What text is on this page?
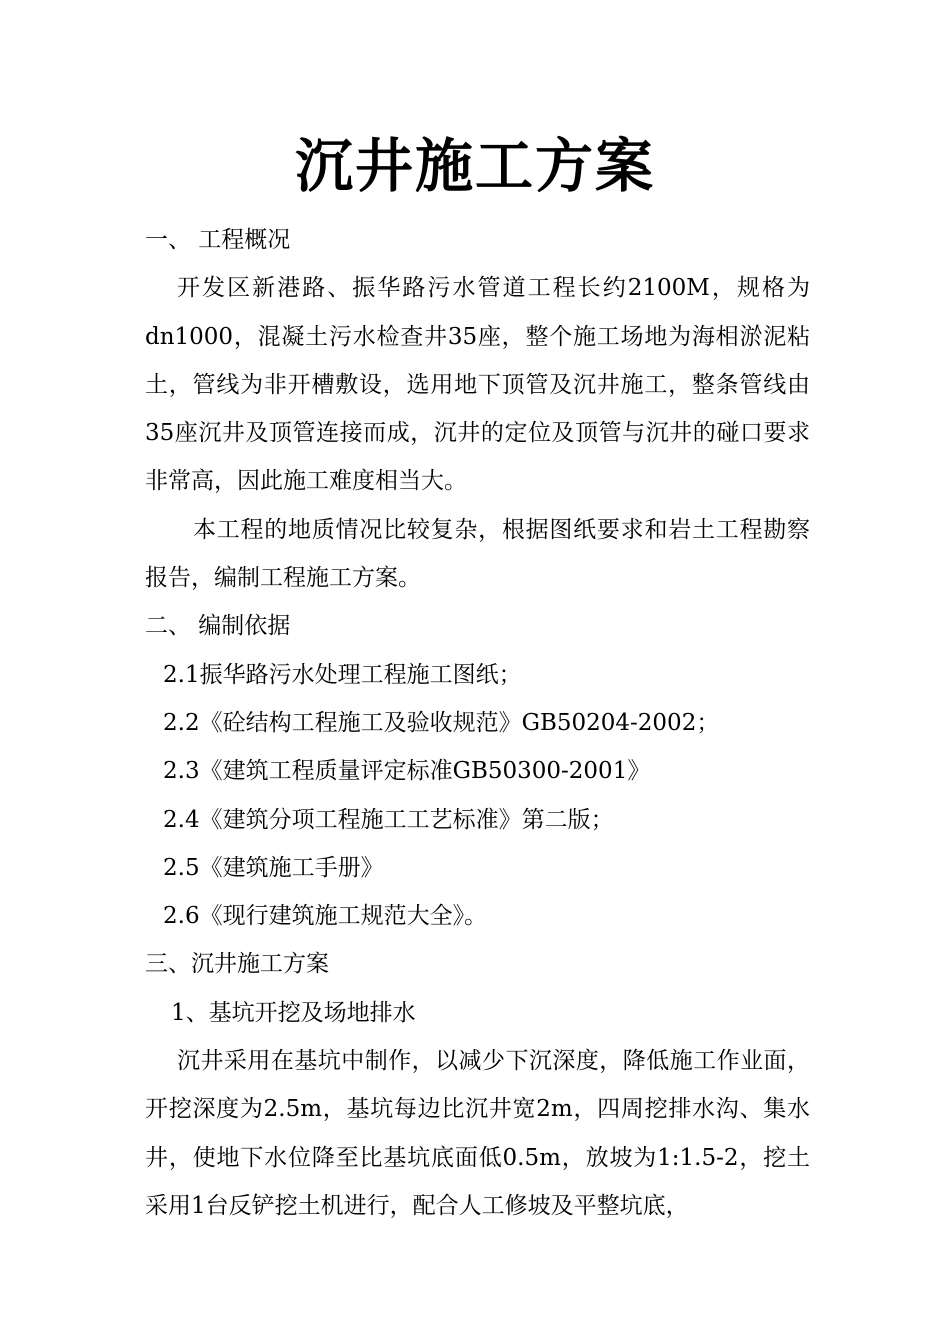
沉井施工方案

一、 工程概况

开发区新港路、振华路污水管道工程长约2100M，规格为dn1000，混凝土污水检查井35座，整个施工场地为海相淤泥粘土，管线为非开槽敷设，选用地下顶管及沉井施工，整条管线由35座沉井及顶管连接而成，沉井的定位及顶管与沉井的碰口要求非常高，因此施工难度相当大。

本工程的地质情况比较复杂，根据图纸要求和岩土工程勘察报告，编制工程施工方案。

二、 编制依据

2.1振华路污水处理工程施工图纸；

2.2《砼结构工程施工及验收规范》GB50204-2002；

2.3《建筑工程质量评定标准GB50300-2001》

2.4《建筑分项工程施工工艺标准》第二版；

2.5《建筑施工手册》

2.6《现行建筑施工规范大全》。

三、沉井施工方案

1、基坑开挖及场地排水

沉井采用在基坑中制作，以减少下沉深度，降低施工作业面，开挖深度为2.5m，基坑每边比沉井宽2m，四周挖排水沟、集水井，使地下水位降至比基坑底面低0.5m，放坡为1:1.5-2，挖土采用1台反铲挖土机进行，配合人工修坡及平整坑底，
